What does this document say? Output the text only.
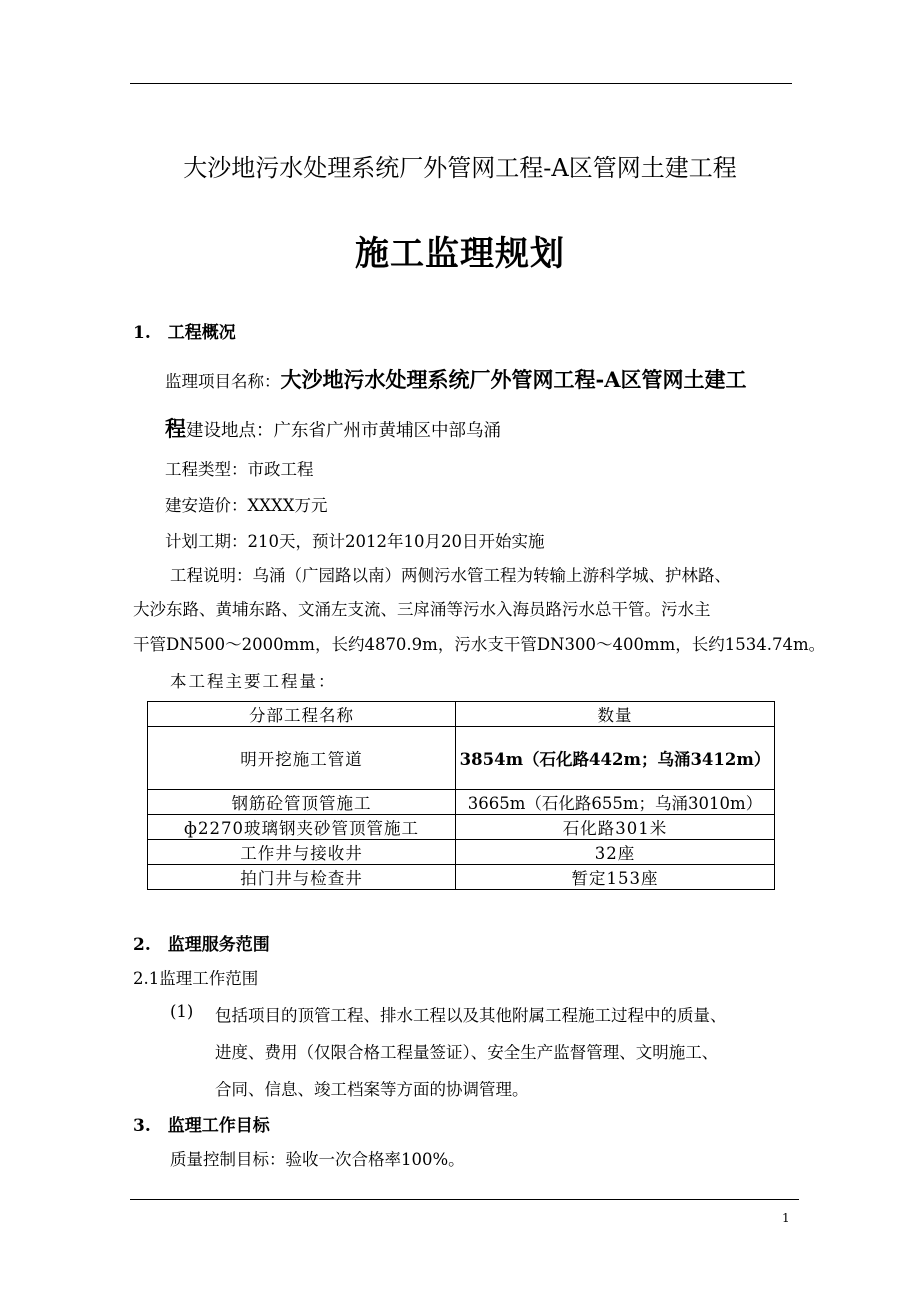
大沙地污水处理系统厂外管网工程-A区管网土建工程
施工监理规划
1.　工程概况
监理项目名称：大沙地污水处理系统厂外管网工程-A区管网土建工
程建设地点：广东省广州市黄埔区中部乌涌
工程类型：市政工程
建安造价：XXXX万元
计划工期：210天，预计2012年10月20日开始实施
工程说明：乌涌（广园路以南）两侧污水管工程为转输上游科学城、护林路、
大沙东路、黄埔东路、文涌左支流、三戽涌等污水入海员路污水总干管。污水主
干管DN500～2000mm，长约4870.9m，污水支干管DN300～400mm，长约1534.74m。
本工程主要工程量：
分部工程名称	数量
明开挖施工管道	3854m（石化路442m；乌涌3412m）
钢筋砼管顶管施工	3665m（石化路655m；乌涌3010m）
ф2270玻璃钢夹砂管顶管施工	石化路301米
工作井与接收井	32座
拍门井与检查井	暂定153座
2.　监理服务范围
2.1监理工作范围
(1) 包括项目的顶管工程、排水工程以及其他附属工程施工过程中的质量、
进度、费用（仅限合格工程量签证）、安全生产监督管理、文明施工、
合同、信息、竣工档案等方面的协调管理。
3.　监理工作目标
质量控制目标：验收一次合格率100%。
1
